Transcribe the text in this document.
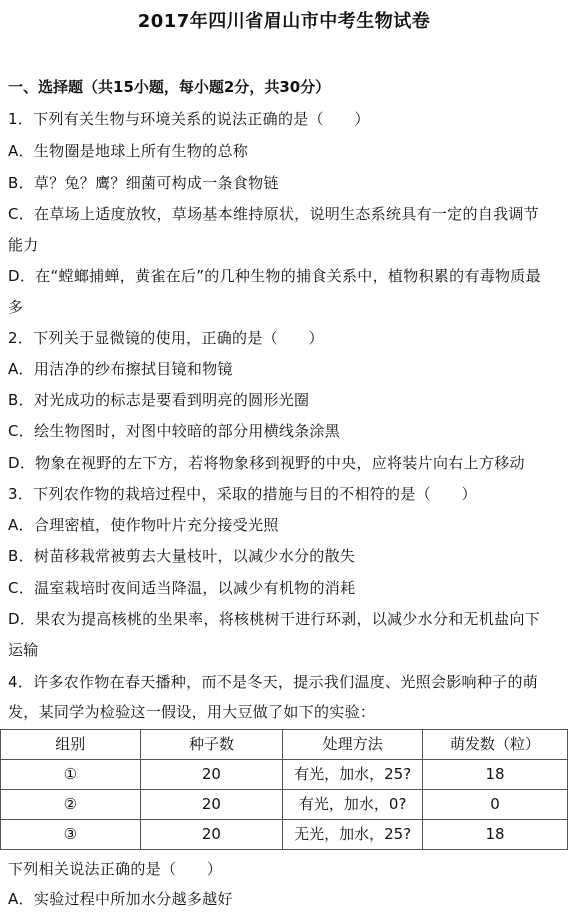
2017年四川省眉山市中考生物试卷
一、选择题（共15小题，每小题2分，共30分）
1．下列有关生物与环境关系的说法正确的是（　　）
A．生物圈是地球上所有生物的总称
B．草？兔？鹰？细菌可构成一条食物链
C．在草场上适度放牧，草场基本维持原状，说明生态系统具有一定的自我调节
能力
D．在“螳螂捕蝉，黄雀在后”的几种生物的捕食关系中，植物积累的有毒物质最
多
2．下列关于显微镜的使用，正确的是（　　）
A．用洁净的纱布擦拭目镜和物镜
B．对光成功的标志是要看到明亮的圆形光圈
C．绘生物图时，对图中较暗的部分用横线条涂黑
D．物象在视野的左下方，若将物象移到视野的中央，应将装片向右上方移动
3．下列农作物的栽培过程中，采取的措施与目的不相符的是（　　）
A．合理密植，使作物叶片充分接受光照
B．树苗移栽常被剪去大量枝叶，以减少水分的散失
C．温室栽培时夜间适当降温，以减少有机物的消耗
D．果农为提高核桃的坐果率，将核桃树干进行环剥，以减少水分和无机盐向下
运输
4．许多农作物在春天播种，而不是冬天，提示我们温度、光照会影响种子的萌
发，某同学为检验这一假设，用大豆做了如下的实验：
组别	种子数	处理方法	萌发数（粒）
①	20	有光，加水，25?	18
②	20	有光，加水，0?	0
③	20	无光，加水，25?	18
下列相关说法正确的是（　　）
A．实验过程中所加水分越多越好
